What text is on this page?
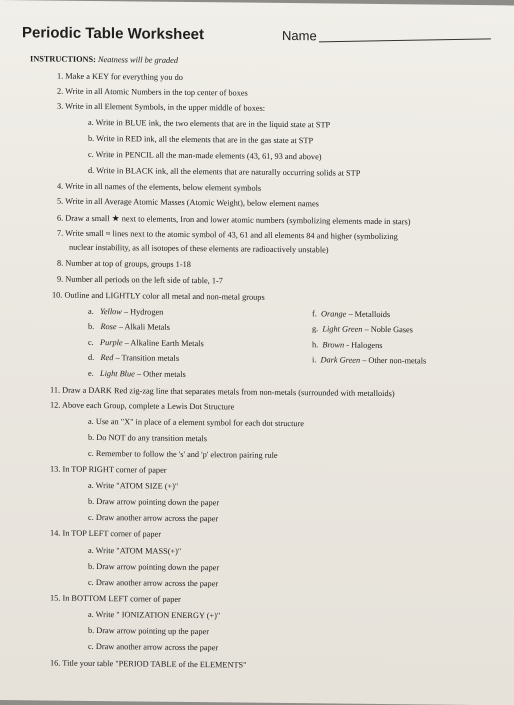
Periodic Table Worksheet	Name
INSTRUCTIONS: Neatness will be graded
1. Make a KEY for everything you do
2. Write in all Atomic Numbers in the top center of boxes
3. Write in all Element Symbols, in the upper middle of boxes:
a. Write in BLUE ink, the two elements that are in the liquid state at STP
b. Write in RED ink, all the elements that are in the gas state at STP
c. Write in PENCIL all the man-made elements (43, 61, 93 and above)
d. Write in BLACK ink, all the elements that are naturally occurring solids at STP
4. Write in all names of the elements, below element symbols
5. Write in all Average Atomic Masses (Atomic Weight), below element names
6. Draw a small ★ next to elements, Iron and lower atomic numbers (symbolizing elements made in stars)
7. Write small ≈ lines next to the atomic symbol of 43, 61 and all elements 84 and higher (symbolizing
nuclear instability, as all isotopes of these elements are radioactively unstable)
8. Number at top of groups, groups 1-18
9. Number all periods on the left side of table, 1-7
10. Outline and LIGHTLY color all metal and non-metal groups
a. Yellow – Hydrogen
b. Rose – Alkali Metals
c. Purple – Alkaline Earth Metals
d. Red – Transition metals
e. Light Blue – Other metals
f. Orange – Metalloids
g. Light Green – Noble Gases
h. Brown - Halogens
i. Dark Green – Other non-metals
11. Draw a DARK Red zig-zag line that separates metals from non-metals (surrounded with metalloids)
12. Above each Group, complete a Lewis Dot Structure
a. Use an "X" in place of a element symbol for each dot structure
b. Do NOT do any transition metals
c. Remember to follow the 's' and 'p' electron pairing rule
13. In TOP RIGHT corner of paper
a. Write "ATOM SIZE (+)"
b. Draw arrow pointing down the paper
c. Draw another arrow across the paper
14. In TOP LEFT corner of paper
a. Write "ATOM MASS(+)"
b. Draw arrow pointing down the paper
c. Draw another arrow across the paper
15. In BOTTOM LEFT corner of paper
a. Write " IONIZATION ENERGY (+)"
b. Draw arrow pointing up the paper
c. Draw another arrow across the paper
16. Title your table "PERIOD TABLE of the ELEMENTS"
